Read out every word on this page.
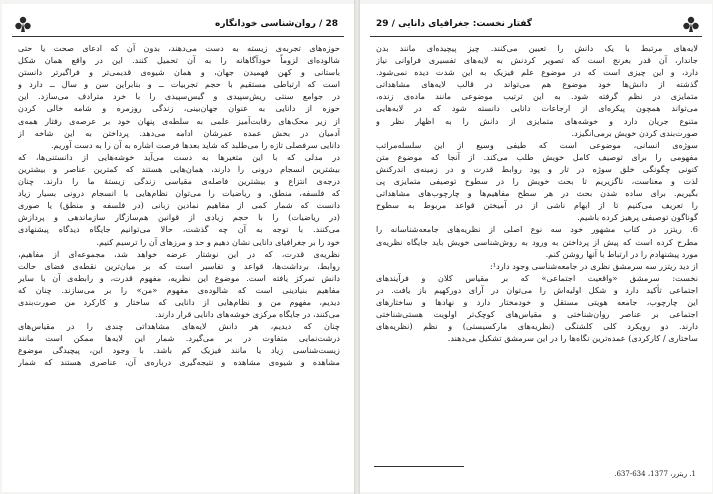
28 / روان‌شناسی خودانگاره
حوزه‌های تجربه‌ی زیسته به دست می‌دهند، بدون آن که ادعای صحت یا حتی
شالوده‌ای لزوماً خودآگاهانه را به آن تحمیل کنند. این در واقع همان شکل
باستانی و کهن فهمیدن جهان، و همان شیوه‌ی قدیمی‌تر و فراگیرتر دانستن
است که ارتباطی مستقیم با حجم تجربیات ــ و بنابراین سن و سال ــ دارد و
در جوامع سنتی ریش‌سپیدی و گیس‌سپیدی را با خرد مترادف می‌سازد. این
حوزه از دانایی به عنوان جهان‌بینی، زندگی روزمره و شامه خالی کردن
از زیر محک‌های رقابت‌آمیز علمی به سلطه‌ی پنهان خود بر عرصه‌ی رفتار همه‌ی
آدمیان در بخش عمده عمرشان ادامه می‌دهد. پرداختن به این شاخه از
دانایی سرفصلی تازه را می‌طلبد که شاید بعدها فرصت اشاره به آن را به دست آوریم.
در مدلی که با این متغیرها به دست می‌آید خوشه‌هایی از دانستنی‌ها، که
بیشترین انسجام درونی را دارند، همان‌هایی هستند که کمترین عناصر و بیشترین
درجه‌ی انتزاع و بیشترین فاصله‌ی مقیاسی زندگی زیستهٔ ما را دارند. چنان
که فلسفه، منطق، و ریاضیات را می‌توان نظام‌هایی با انسجام درونی بسیار زیاد
دانست که شمار کمی از مفاهیم نمادین زبانی (در فلسفه و منطق) یا صوری
(در ریاضیات) را با حجم زیادی از قوانین هم‌سازگار سازماندهی و پردازش
می‌کنند. با توجه به آن چه گذشت، حالا می‌توانیم جایگاه دیدگاه پیشنهادی
خود را بر جغرافیای دانایی نشان دهیم و حد و مرزهای آن را ترسیم کنیم.
نظریه‌ی قدرت، که در این نوشتار عرضه خواهد شد، مجموعه‌ای از مفاهیم،
روابط، برداشت‌ها، قواعد و تفاسیر است که بر میان‌ترین نقطه‌ی فضای حالت
دانش تمرکز یافته است. موضوع این نظریه، مفهوم قدرت، و رابطه‌ی آن با سایر
مفاهیم بنیادینی است که شالوده‌ی مفهوم «من» را بر می‌سازند. چنان که
دیدیم، مفهوم من و نظام‌هایی از دانایی که ساختار و کارکرد من صورت‌بندی
می‌کنند، در جایگاه مرکزی خوشه‌های دانایی قرار دارند.
چنان که دیدیم، هر دانش لایه‌های مشاهداتی چندی را در مقیاس‌های
درشت‌نمایی متفاوت در بر می‌گیرد. شمار این لایه‌ها ممکن است مانند
زیست‌شناسی زیاد یا مانند فیزیک کم باشد. با وجود این، پیچیدگی موضوع
مشاهده و شیوه‌ی مشاهده و نتیجه‌گیری درباره‌ی آن، عناصری هستند که شمار
گفتار نخست: جغرافیای دانایی / 29
لایه‌های مرتبط با یک دانش را تعیین می‌کنند. چیز پیچیده‌ای مانند بدن
جاندار، آن قدر بغرنج است که تصویر کردنش به لایه‌های تفسیری فراوانی نیاز
دارد، و این چیزی است که در موضوع علم فیزیک به این شدت دیده نمی‌شود.
گذشته از دانش‌ها خود موضوع هم می‌تواند در قالب لایه‌های مشاهداتی
متمایزی در نظم گرفته شود. به این ترتیب موضوعی مانند ماده‌ی زنده،
می‌تواند همچون پیکره‌ای از ارجاعات دانایی دانسته شود که در لایه‌هایی
متنوع جریان دارد و خوشه‌های متمایزی از دانش را به اظهار نظر و
صورت‌بندی کردن خویش برمی‌انگیزد.
سوژه‌ی انسانی، موضوعی است که طیفی وسیع از این سلسله‌مراتب
مفهومی را برای توصیف کامل خویش طلب می‌کند. از آنجا که موضوع متن
کنونی چگونگی خلق سوژه در تار و پود روابط قدرت و در زمینه‌ی اندرکنش
لذت و معناست، ناگزیریم تا بحث خویش را در سطوح توصیفی متمایزی پی
بگیریم. برای ساده شدن بحث در هر سطح مفاهیم‌ها و چارچوب‌های مشاهداتی
را تعریف می‌کنیم تا از ابهام ناشی از در آمیختن قواعد مربوط به سطوح
گوناگون توصیفی پرهیز کرده باشیم.
6. ریتزر در کتاب مشهور خود سه نوع اصلی از نظریه‌های جامعه‌شناسانه را
مطرح کرده است که پیش از پرداختن به ورود به روش‌شناسی خویش باید جایگاه نظریه‌ی
مورد پیشنهادم را در ارتباط با آنها روشن کنم.
از دید ریتزر سه سرمشق نظری در جامعه‌شناسی وجود دارد¹:
نخست: سرمشق «واقعیت اجتماعی» که بر مقیاس کلان و فرآیندهای
اجتماعی تأکید دارد و شکل اولیه‌اش را می‌توان در آرای دورکهیم باز یافت. در
این چارچوب، جامعه هویتی مستقل و خودمختار دارد و نهادها و ساختارهای
اجتماعی بر عناصر روان‌شناختی و مقیاس‌های کوچک‌تر اولویت هستی‌شناختی
دارند. دو رویکرد کلی کلشنگی (نظریه‌های مارکسیستی) و نظم (نظریه‌های
ساختاری / کارکردی) عمده‌ترین نگاه‌ها را در این سرمشق تشکیل می‌دهند.
1. ریتزر، 1377، 634-637.
